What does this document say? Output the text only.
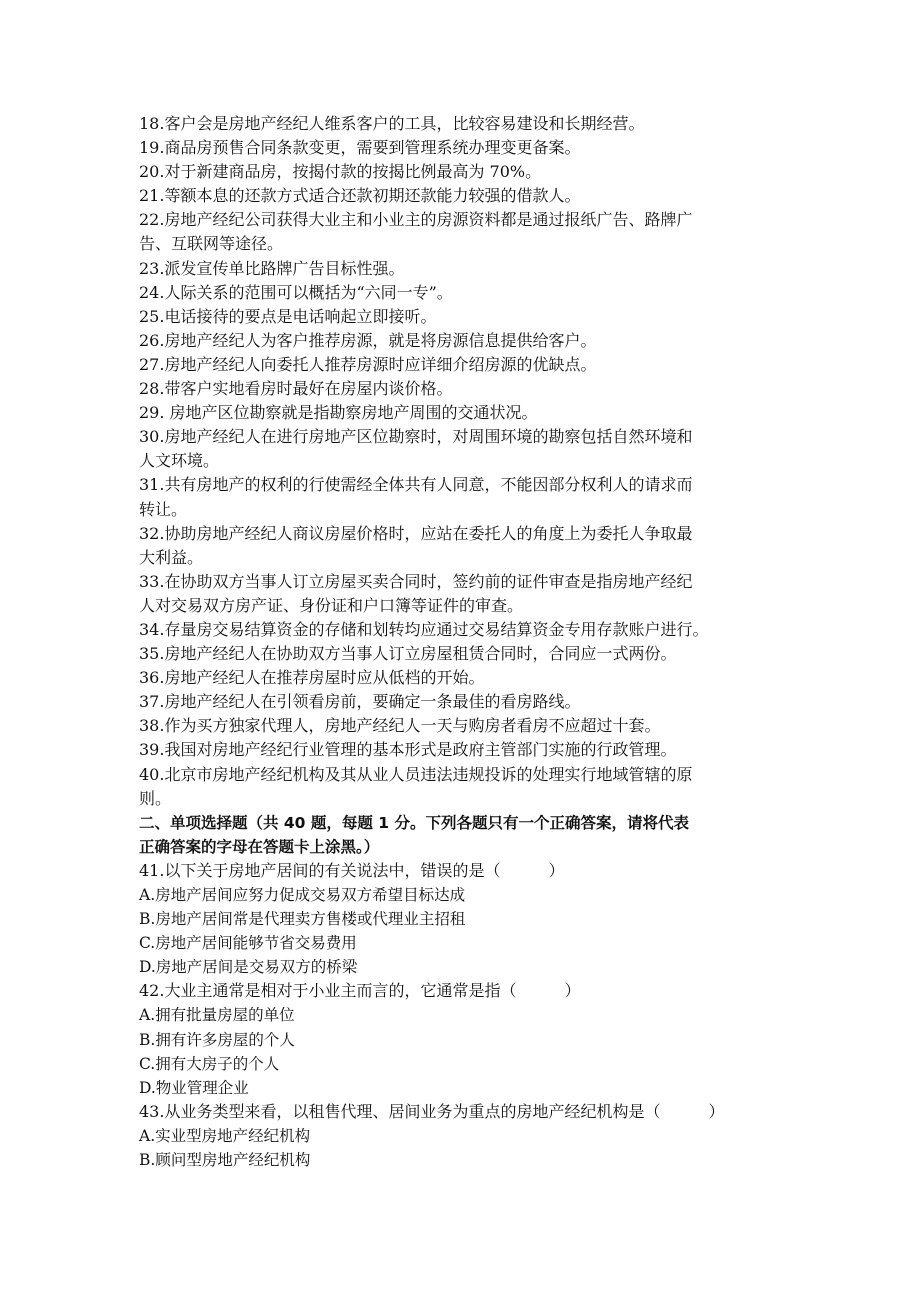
18.客户会是房地产经纪人维系客户的工具，比较容易建设和长期经营。
19.商品房预售合同条款变更，需要到管理系统办理变更备案。
20.对于新建商品房，按揭付款的按揭比例最高为 70%。
21.等额本息的还款方式适合还款初期还款能力较强的借款人。
22.房地产经纪公司获得大业主和小业主的房源资料都是通过报纸广告、路牌广
告、互联网等途径。
23.派发宣传单比路牌广告目标性强。
24.人际关系的范围可以概括为“六同一专”。
25.电话接待的要点是电话响起立即接听。
26.房地产经纪人为客户推荐房源，就是将房源信息提供给客户。
27.房地产经纪人向委托人推荐房源时应详细介绍房源的优缺点。
28.带客户实地看房时最好在房屋内谈价格。
29. 房地产区位勘察就是指勘察房地产周围的交通状况。
30.房地产经纪人在进行房地产区位勘察时，对周围环境的勘察包括自然环境和
人文环境。
31.共有房地产的权利的行使需经全体共有人同意，不能因部分权利人的请求而
转让。
32.协助房地产经纪人商议房屋价格时，应站在委托人的角度上为委托人争取最
大利益。
33.在协助双方当事人订立房屋买卖合同时，签约前的证件审查是指房地产经纪
人对交易双方房产证、身份证和户口簿等证件的审查。
34.存量房交易结算资金的存储和划转均应通过交易结算资金专用存款账户进行。
35.房地产经纪人在协助双方当事人订立房屋租赁合同时，合同应一式两份。
36.房地产经纪人在推荐房屋时应从低档的开始。
37.房地产经纪人在引领看房前，要确定一条最佳的看房路线。
38.作为买方独家代理人，房地产经纪人一天与购房者看房不应超过十套。
39.我国对房地产经纪行业管理的基本形式是政府主管部门实施的行政管理。
40.北京市房地产经纪机构及其从业人员违法违规投诉的处理实行地域管辖的原
则。
二、单项选择题（共 40 题，每题 1 分。下列各题只有一个正确答案，请将代表
正确答案的字母在答题卡上涂黑。）
41.以下关于房地产居间的有关说法中，错误的是（　　　）
A.房地产居间应努力促成交易双方希望目标达成
B.房地产居间常是代理卖方售楼或代理业主招租
C.房地产居间能够节省交易费用
D.房地产居间是交易双方的桥梁
42.大业主通常是相对于小业主而言的，它通常是指（　　　）
A.拥有批量房屋的单位
B.拥有许多房屋的个人
C.拥有大房子的个人
D.物业管理企业
43.从业务类型来看，以租售代理、居间业务为重点的房地产经纪机构是（　　　）
A.实业型房地产经纪机构
B.顾问型房地产经纪机构
